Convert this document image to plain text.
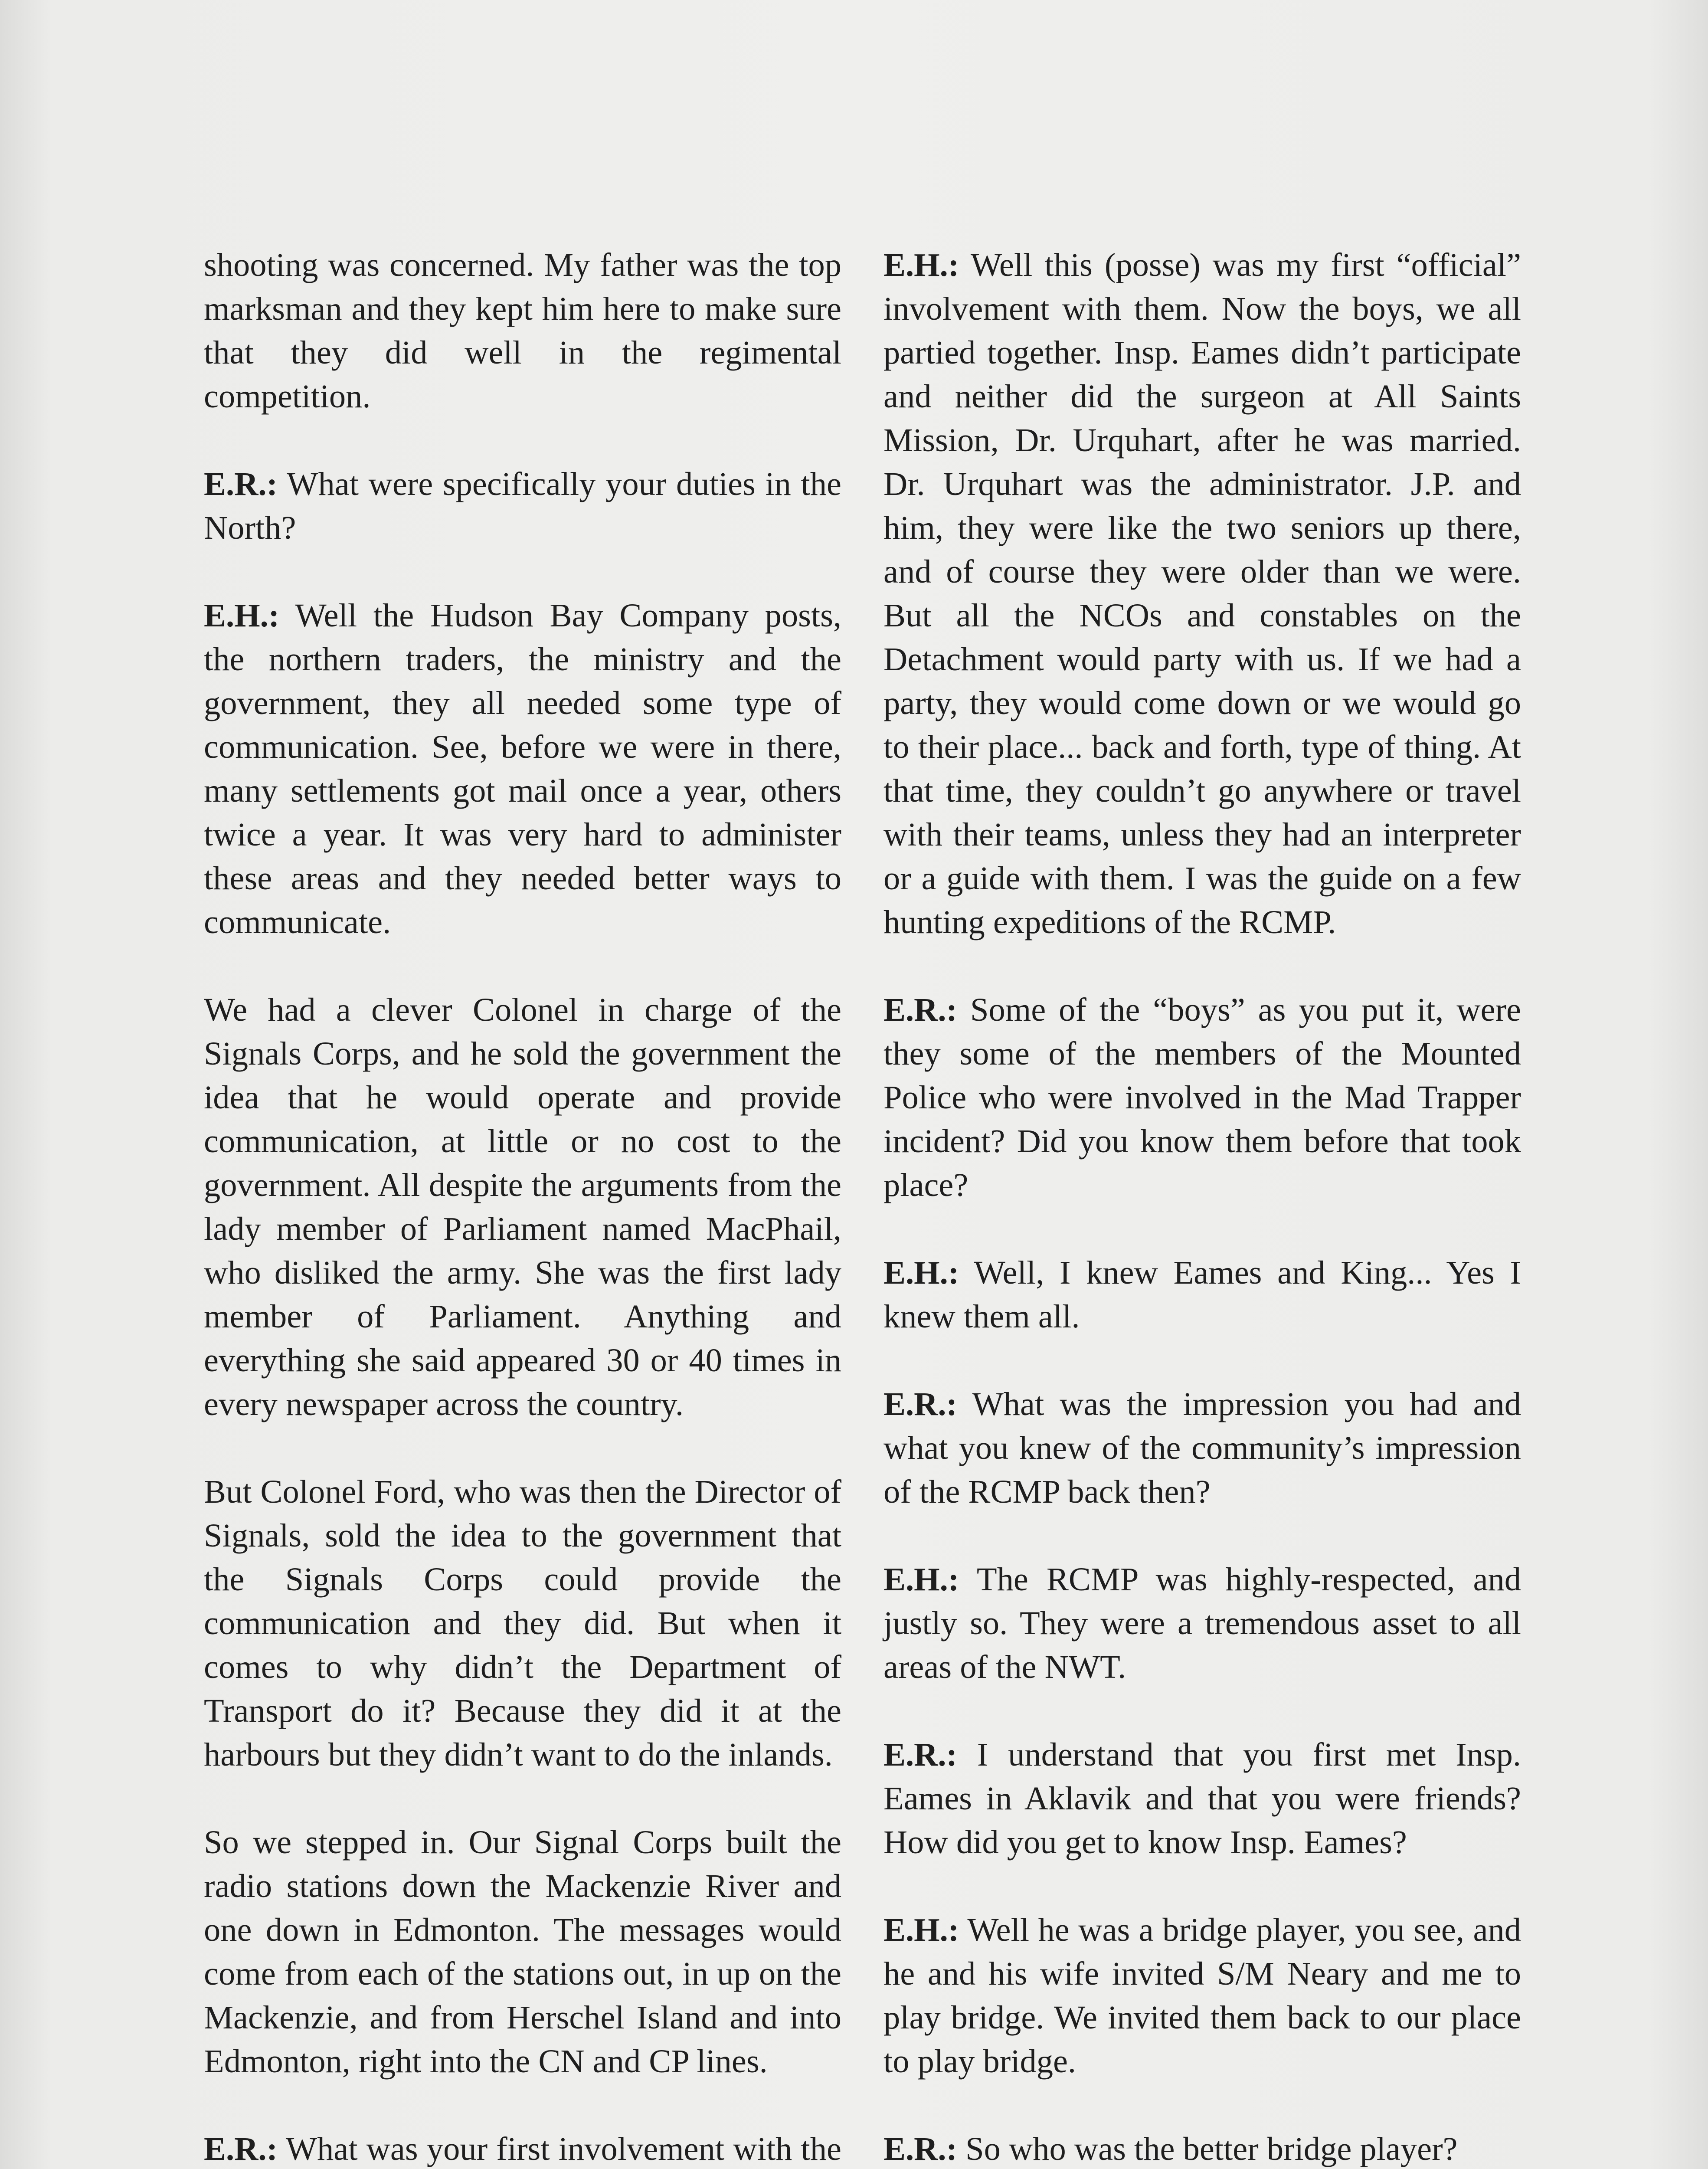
shooting was concerned. My father was the top marksman and they kept him here to make sure that they did well in the regimental competition.

E.R.: What were specifically your duties in the North?

E.H.: Well the Hudson Bay Company posts, the northern traders, the ministry and the government, they all needed some type of communication. See, before we were in there, many settlements got mail once a year, others twice a year. It was very hard to administer these areas and they needed better ways to communicate.

We had a clever Colonel in charge of the Signals Corps, and he sold the government the idea that he would operate and provide communication, at little or no cost to the government. All despite the arguments from the lady member of Parliament named MacPhail, who disliked the army. She was the first lady member of Parliament. Anything and everything she said appeared 30 or 40 times in every newspaper across the country.

But Colonel Ford, who was then the Director of Signals, sold the idea to the government that the Signals Corps could provide the communication and they did. But when it comes to why didn’t the Department of Transport do it? Because they did it at the harbours but they didn’t want to do the inlands.

So we stepped in. Our Signal Corps built the radio stations down the Mackenzie River and one down in Edmonton. The messages would come from each of the stations out, in up on the Mackenzie, and from Herschel Island and into Edmonton, right into the CN and CP lines.

E.R.: What was your first involvement with the

E.H.: Well this (posse) was my first “official” involvement with them. Now the boys, we all partied together. Insp. Eames didn’t participate and neither did the surgeon at All Saints Mission, Dr. Urquhart, after he was married. Dr. Urquhart was the administrator. J.P. and him, they were like the two seniors up there, and of course they were older than we were. But all the NCOs and constables on the Detachment would party with us. If we had a party, they would come down or we would go to their place... back and forth, type of thing. At that time, they couldn’t go anywhere or travel with their teams, unless they had an interpreter or a guide with them. I was the guide on a few hunting expeditions of the RCMP.

E.R.: Some of the “boys” as you put it, were they some of the members of the Mounted Police who were involved in the Mad Trapper incident? Did you know them before that took place?

E.H.: Well, I knew Eames and King... Yes I knew them all.

E.R.: What was the impression you had and what you knew of the community’s impression of the RCMP back then?

E.H.: The RCMP was highly-respected, and justly so. They were a tremendous asset to all areas of the NWT.

E.R.: I understand that you first met Insp. Eames in Aklavik and that you were friends? How did you get to know Insp. Eames?

E.H.: Well he was a bridge player, you see, and he and his wife invited S/M Neary and me to play bridge. We invited them back to our place to play bridge.

E.R.: So who was the better bridge player?
